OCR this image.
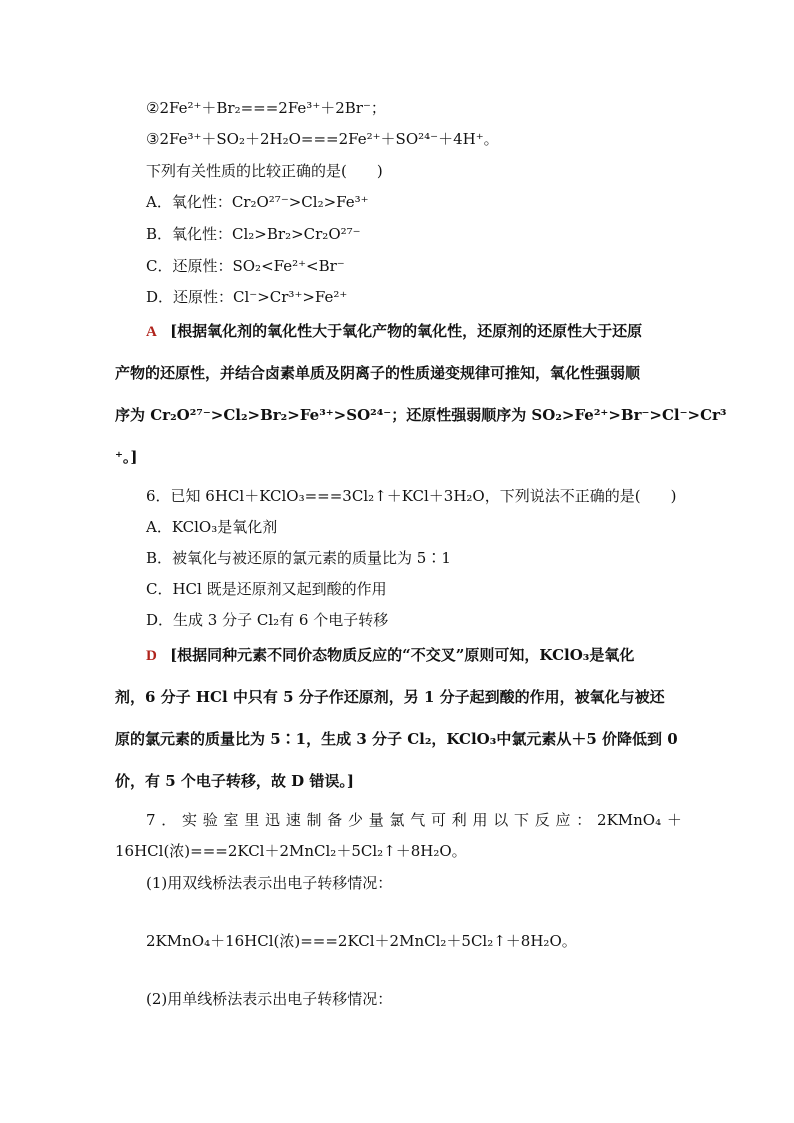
②2Fe²⁺＋Br₂===2Fe³⁺＋2Br⁻；
③2Fe³⁺＋SO₂＋2H₂O===2Fe²⁺＋SO²⁴⁻＋4H⁺。
下列有关性质的比较正确的是(　　)
A．氧化性：Cr₂O²⁷⁻>Cl₂>Fe³⁺
B．氧化性：Cl₂>Br₂>Cr₂O²⁷⁻
C．还原性：SO₂<Fe²⁺<Br⁻
D．还原性：Cl⁻>Cr³⁺>Fe²⁺
A [根据氧化剂的氧化性大于氧化产物的氧化性，还原剂的还原性大于还原
产物的还原性，并结合卤素单质及阴离子的性质递变规律可推知，氧化性强弱顺
序为 Cr₂O²⁷⁻>Cl₂>Br₂>Fe³⁺>SO²⁴⁻；还原性强弱顺序为 SO₂>Fe²⁺>Br⁻>Cl⁻>Cr³
⁺。]
6．已知 6HCl＋KClO₃===3Cl₂↑＋KCl＋3H₂O，下列说法不正确的是(　　)
A．KClO₃是氧化剂
B．被氧化与被还原的氯元素的质量比为 5∶1
C．HCl 既是还原剂又起到酸的作用
D．生成 3 分子 Cl₂有 6 个电子转移
D [根据同种元素不同价态物质反应的“不交叉”原则可知，KClO₃是氧化
剂，6 分子 HCl 中只有 5 分子作还原剂，另 1 分子起到酸的作用，被氧化与被还
原的氯元素的质量比为 5∶1，生成 3 分子 Cl₂，KClO₃中氯元素从＋5 价降低到 0
价，有 5 个电子转移，故 D 错误。]
7 ． 实 验 室 里 迅 速 制 备 少 量 氯 气 可 利 用 以 下 反 应 ： 2KMnO₄ ＋
16HCl(浓)===2KCl＋2MnCl₂＋5Cl₂↑＋8H₂O。
(1)用双线桥法表示出电子转移情况：
2KMnO₄＋16HCl(浓)===2KCl＋2MnCl₂＋5Cl₂↑＋8H₂O。
(2)用单线桥法表示出电子转移情况：
